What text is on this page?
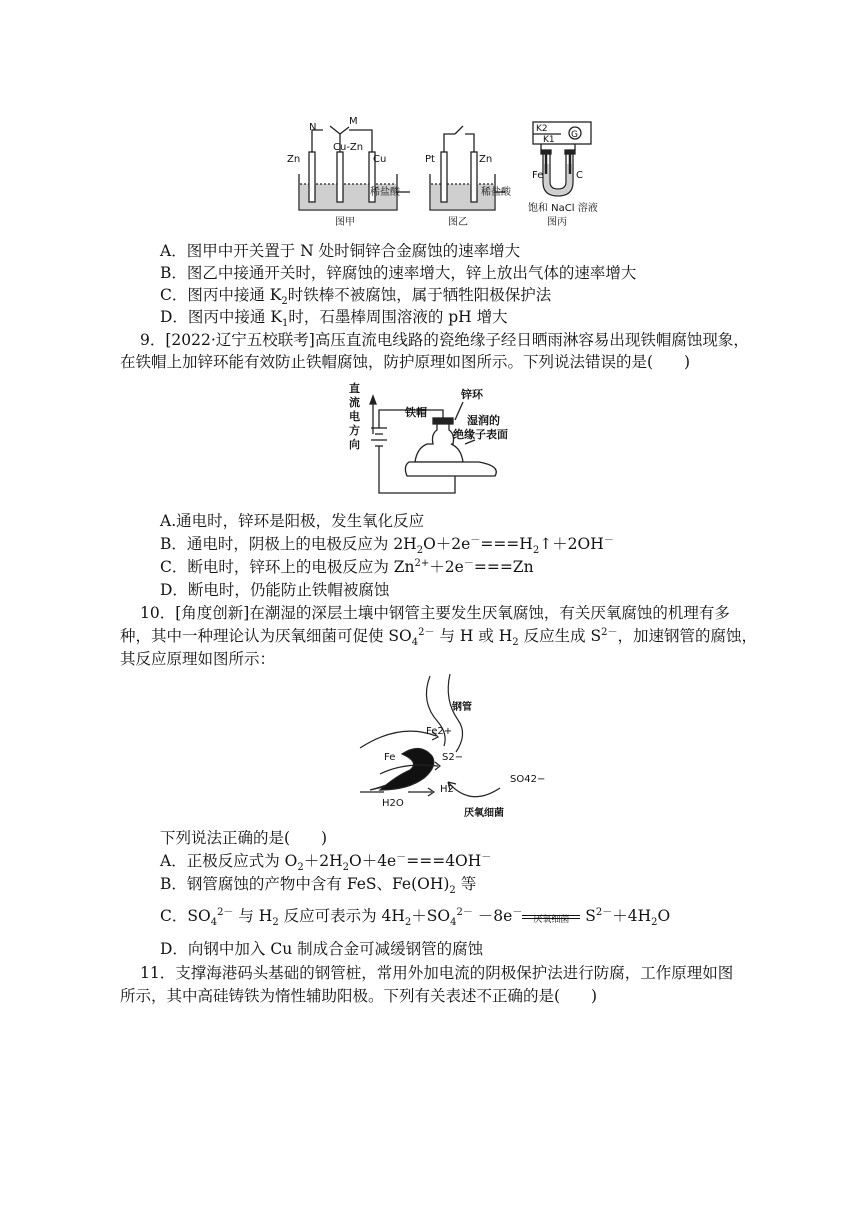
N
M
Zn
Cu-Zn
Cu
稀盐酸
图甲
Pt	Zn
稀盐酸
图乙
K2
K1 G
Fe	C
饱和 NaCl 溶液
图丙
A．图甲中开关置于 N 处时铜锌合金腐蚀的速率增大
B．图乙中接通开关时，锌腐蚀的速率增大，锌上放出气体的速率增大
C．图丙中接通 $K_2$时铁棒不被腐蚀，属于牺牲阳极保护法
D．图丙中接通 $K_1$时，石墨棒周围溶液的 pH 增大
9．[2022·辽宁五校联考]高压直流电线路的瓷绝缘子经日晒雨淋容易出现铁帽腐蚀现象，
在铁帽上加锌环能有效防止铁帽腐蚀，防护原理如图所示。下列说法错误的是(　　)
直
流
电
方
向
铁帽
锌环
湿润的
绝缘子表面
A.通电时，锌环是阳极，发生氧化反应
B．通电时，阴极上的电极反应为 $2H_2O+2e^-===H_2↑+2OH^-$
C．断电时，锌环上的电极反应为 $Zn^{2+}+2e^-===Zn$
D．断电时，仍能防止铁帽被腐蚀
10．[角度创新]在潮湿的深层土壤中钢管主要发生厌氧腐蚀，有关厌氧腐蚀的机理有多
种，其中一种理论认为厌氧细菌可促使 $SO_4^{2-}$ 与 H 或 $H_2$ 反应生成 $S^{2-}$，加速钢管的腐蚀，
其反应原理如图所示：
钢管
Fe2+
Fe	S2−
H2
H2O
SO42−
厌氧细菌
下列说法正确的是(　　)
A．正极反应式为 $O_2+2H_2O+4e^-===4OH^-$
B．钢管腐蚀的产物中含有 FeS、$Fe(OH)_2$ 等
C．$SO_4^{2-}$ 与 $H_2$ 反应可表示为 $4H_2+SO_4^{2-} -8e^-$
厌氧细菌 $S^{2-}+4H_2O$
D．向钢中加入 Cu 制成合金可减缓钢管的腐蚀
11．支撑海港码头基础的钢管桩，常用外加电流的阴极保护法进行防腐，工作原理如图
所示，其中高硅铸铁为惰性辅助阳极。下列有关表述不正确的是(　　)
